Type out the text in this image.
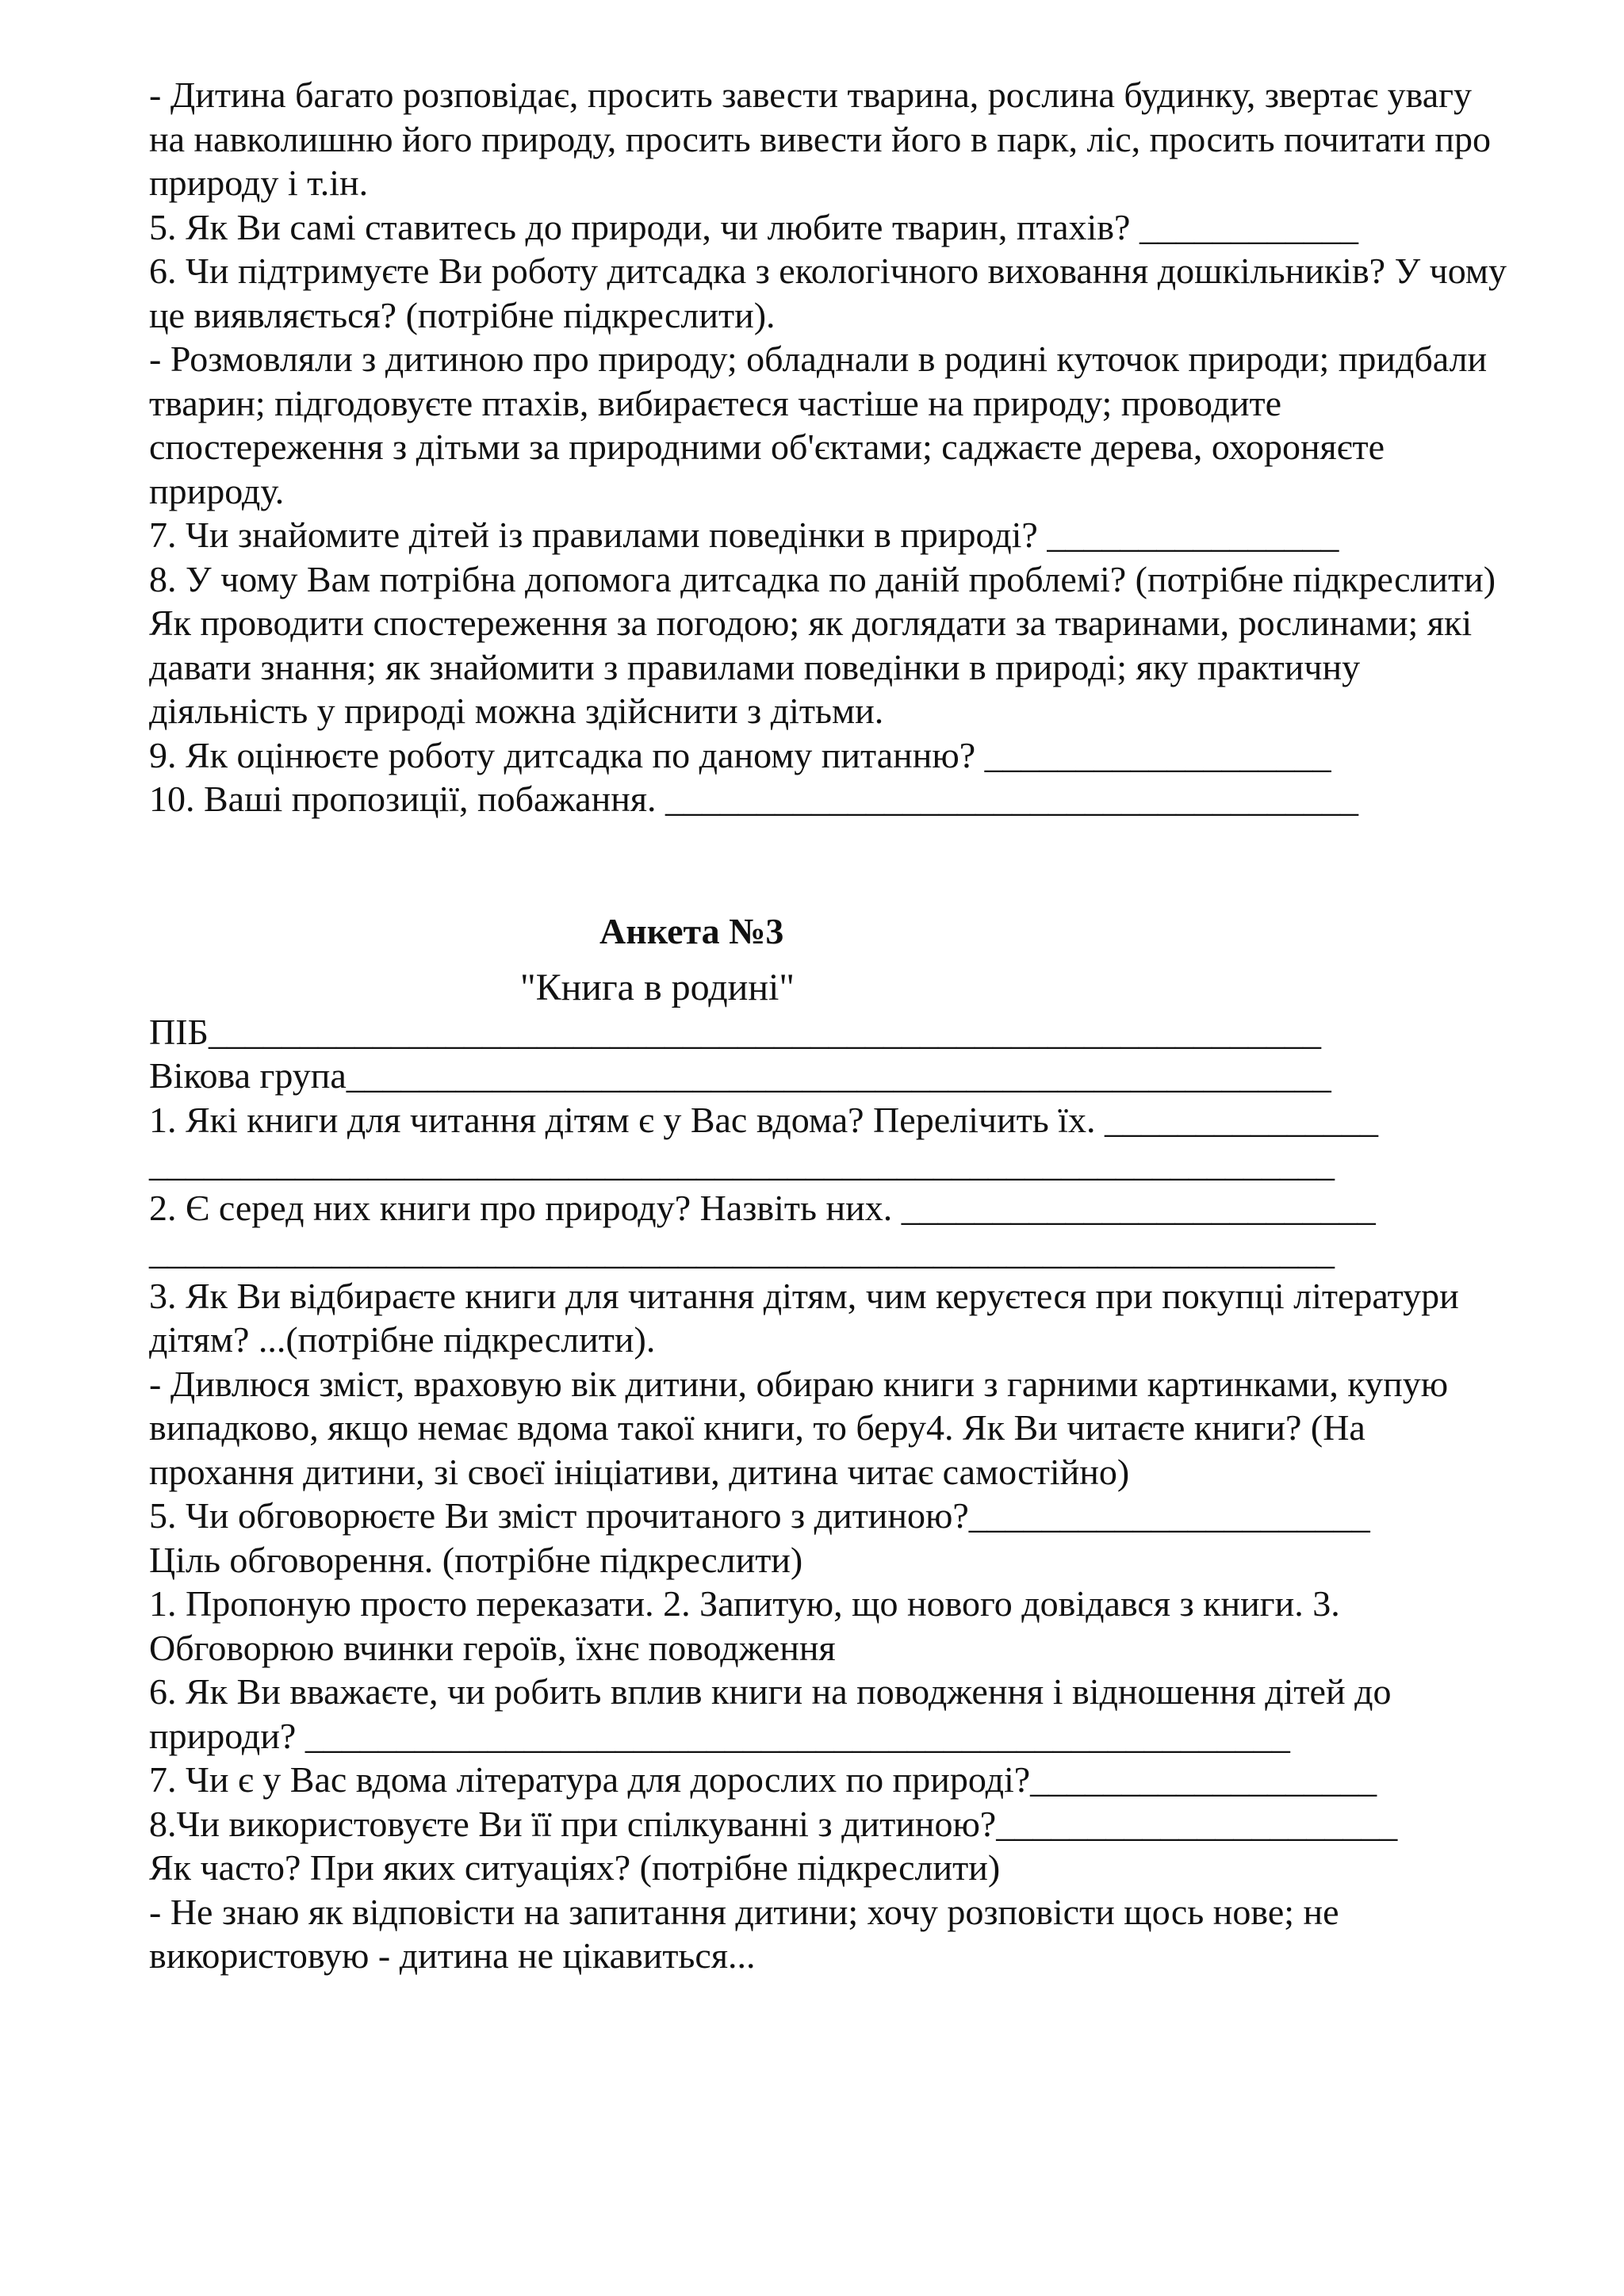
- Дитина багато розповідає, просить завести тварина, рослина будинку, звертає увагу
на навколишню його природу, просить вивести його в парк, ліс, просить почитати про
природу і т.ін.
5. Як Ви самі ставитесь до природи, чи любите тварин, птахів? ____________
6. Чи підтримуєте Ви роботу дитсадка з екологічного виховання дошкільників? У чому
це виявляється? (потрібне підкреслити).
- Розмовляли з дитиною про природу; обладнали в родині куточок природи; придбали
тварин; підгодовуєте птахів, вибираєтеся частіше на природу; проводите
спостереження з дітьми за природними об'єктами; саджаєте дерева, охороняєте
природу.
7. Чи знайомите дітей із правилами поведінки в природі? ________________
8. У чому Вам потрібна допомога дитсадка по даній проблемі? (потрібне підкреслити)
Як проводити спостереження за погодою; як доглядати за тваринами, рослинами; які
давати знання; як знайомити з правилами поведінки в природі; яку практичну
діяльність у природі можна здійснити з дітьми.
9. Як оцінюєте роботу дитсадка по даному питанню? ___________________
10. Ваші пропозиції, побажання. ______________________________________
Анкета №3
"Книга в родині"
ПІБ_____________________________________________________________
Вікова група______________________________________________________
1. Які книги для читання дітям є у Вас вдома? Перелічить їх. _______________
_________________________________________________________________
2. Є серед них книги про природу? Назвіть них. __________________________
_________________________________________________________________
3. Як Ви відбираєте книги для читання дітям, чим керуєтеся при покупці літератури
дітям? ...(потрібне підкреслити).
- Дивлюся зміст, враховую вік дитини, обираю книги з гарними картинками, купую
випадково, якщо немає вдома такої книги, то беру4. Як Ви читаєте книги? (На
прохання дитини, зі своєї ініціативи, дитина читає самостійно)
5. Чи обговорюєте Ви зміст прочитаного з дитиною?______________________
Ціль обговорення. (потрібне підкреслити)
1. Пропоную просто переказати. 2. Запитую, що нового довідався з книги. 3.
Обговорюю вчинки героїв, їхнє поводження
6. Як Ви вважаєте, чи робить вплив книги на поводження і відношення дітей до
природи? ______________________________________________________
7. Чи є у Вас вдома література для дорослих по природі?___________________
8.Чи використовуєте Ви її при спілкуванні з дитиною?______________________
Як часто? При яких ситуаціях? (потрібне підкреслити)
- Не знаю як відповісти на запитання дитини; хочу розповісти щось нове; не
використовую - дитина не цікавиться...
